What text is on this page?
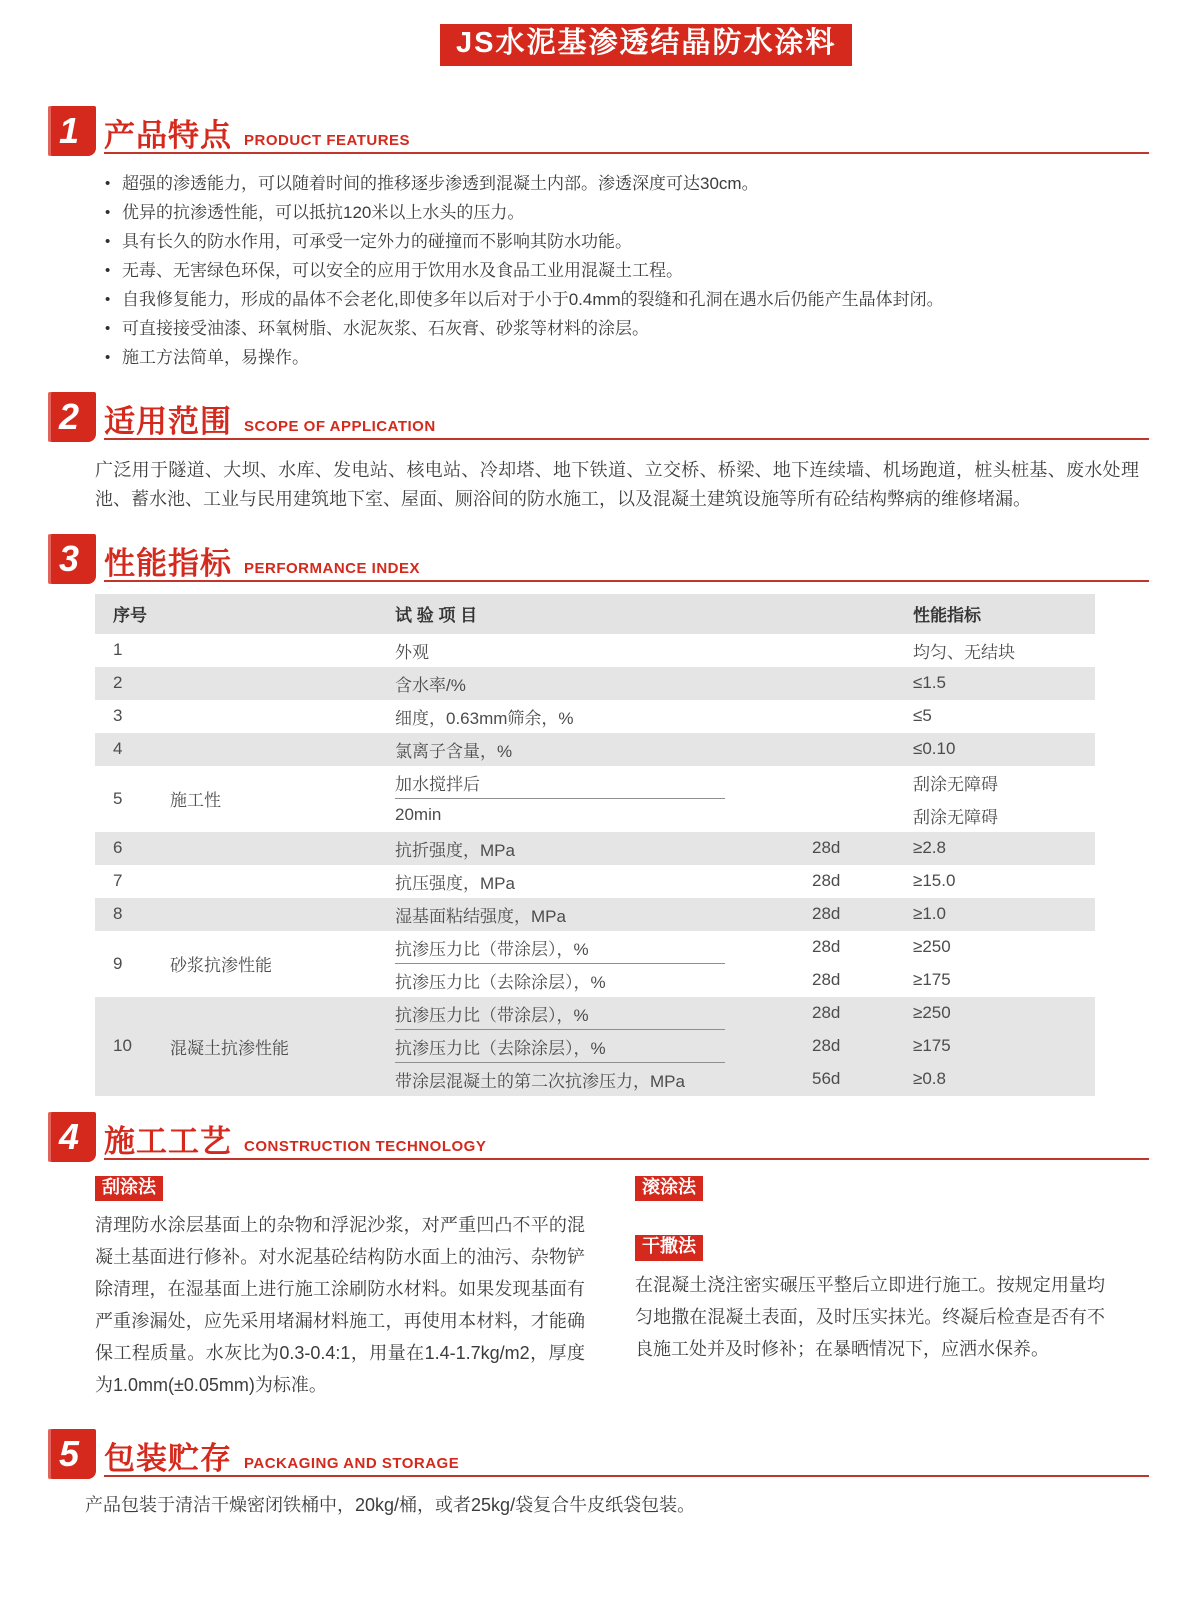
JS水泥基渗透结晶防水涂料
1 产品特点 PRODUCT FEATURES
• 超强的渗透能力，可以随着时间的推移逐步渗透到混凝土内部。渗透深度可达30cm。
• 优异的抗渗透性能，可以抵抗120米以上水头的压力。
• 具有长久的防水作用，可承受一定外力的碰撞而不影响其防水功能。
• 无毒、无害绿色环保，可以安全的应用于饮用水及食品工业用混凝土工程。
• 自我修复能力，形成的晶体不会老化,即使多年以后对于小于0.4mm的裂缝和孔洞在遇水后仍能产生晶体封闭。
• 可直接接受油漆、环氧树脂、水泥灰浆、石灰膏、砂浆等材料的涂层。
• 施工方法简单，易操作。
2 适用范围 SCOPE OF APPLICATION

广泛用于隧道、大坝、水库、发电站、核电站、冷却塔、地下铁道、立交桥、桥梁、地下连续墙、机场跑道，桩头桩基、废水处理池、蓄水池、工业与民用建筑地下室、屋面、厕浴间的防水施工，以及混凝土建筑设施等所有砼结构弊病的维修堵漏。

3 性能指标 PERFORMANCE INDEX
序号	试 验 项 目	性能指标
1	外观	均匀、无结块
2	含水率/%	≤1.5
3	细度，0.63mm筛余，%	≤5
4	氯离子含量，%	≤0.10
5	施工性
加水搅拌后	刮涂无障碍
20min	刮涂无障碍
6	抗折强度，MPa	28d	≥2.8
7	抗压强度，MPa	28d	≥15.0
8	湿基面粘结强度，MPa	28d	≥1.0
9	砂浆抗渗性能
抗渗压力比（带涂层），%	28d	≥250
抗渗压力比（去除涂层），%	28d	≥175
10	混凝土抗渗性能
抗渗压力比（带涂层），%	28d	≥250
抗渗压力比（去除涂层），%	28d	≥175
带涂层混凝土的第二次抗渗压力，MPa	56d	≥0.8
4 施工工艺 CONSTRUCTION TECHNOLOGY
刮涂法

清理防水涂层基面上的杂物和浮泥沙浆，对严重凹凸不平的混凝土基面进行修补。对水泥基砼结构防水面上的油污、杂物铲除清理，在湿基面上进行施工涂刷防水材料。如果发现基面有严重渗漏处，应先采用堵漏材料施工，再使用本材料，才能确保工程质量。水灰比为0.3-0.4:1，用量在1.4-1.7kg/m2，厚度为1.0mm(±0.05mm)为标准。

滚涂法

干撒法

在混凝土浇注密实碾压平整后立即进行施工。按规定用量均匀地撒在混凝土表面，及时压实抹光。终凝后检查是否有不良施工处并及时修补；在暴晒情况下，应洒水保养。

5 包装贮存 PACKAGING AND STORAGE

产品包装于清洁干燥密闭铁桶中，20kg/桶，或者25kg/袋复合牛皮纸袋包装。
